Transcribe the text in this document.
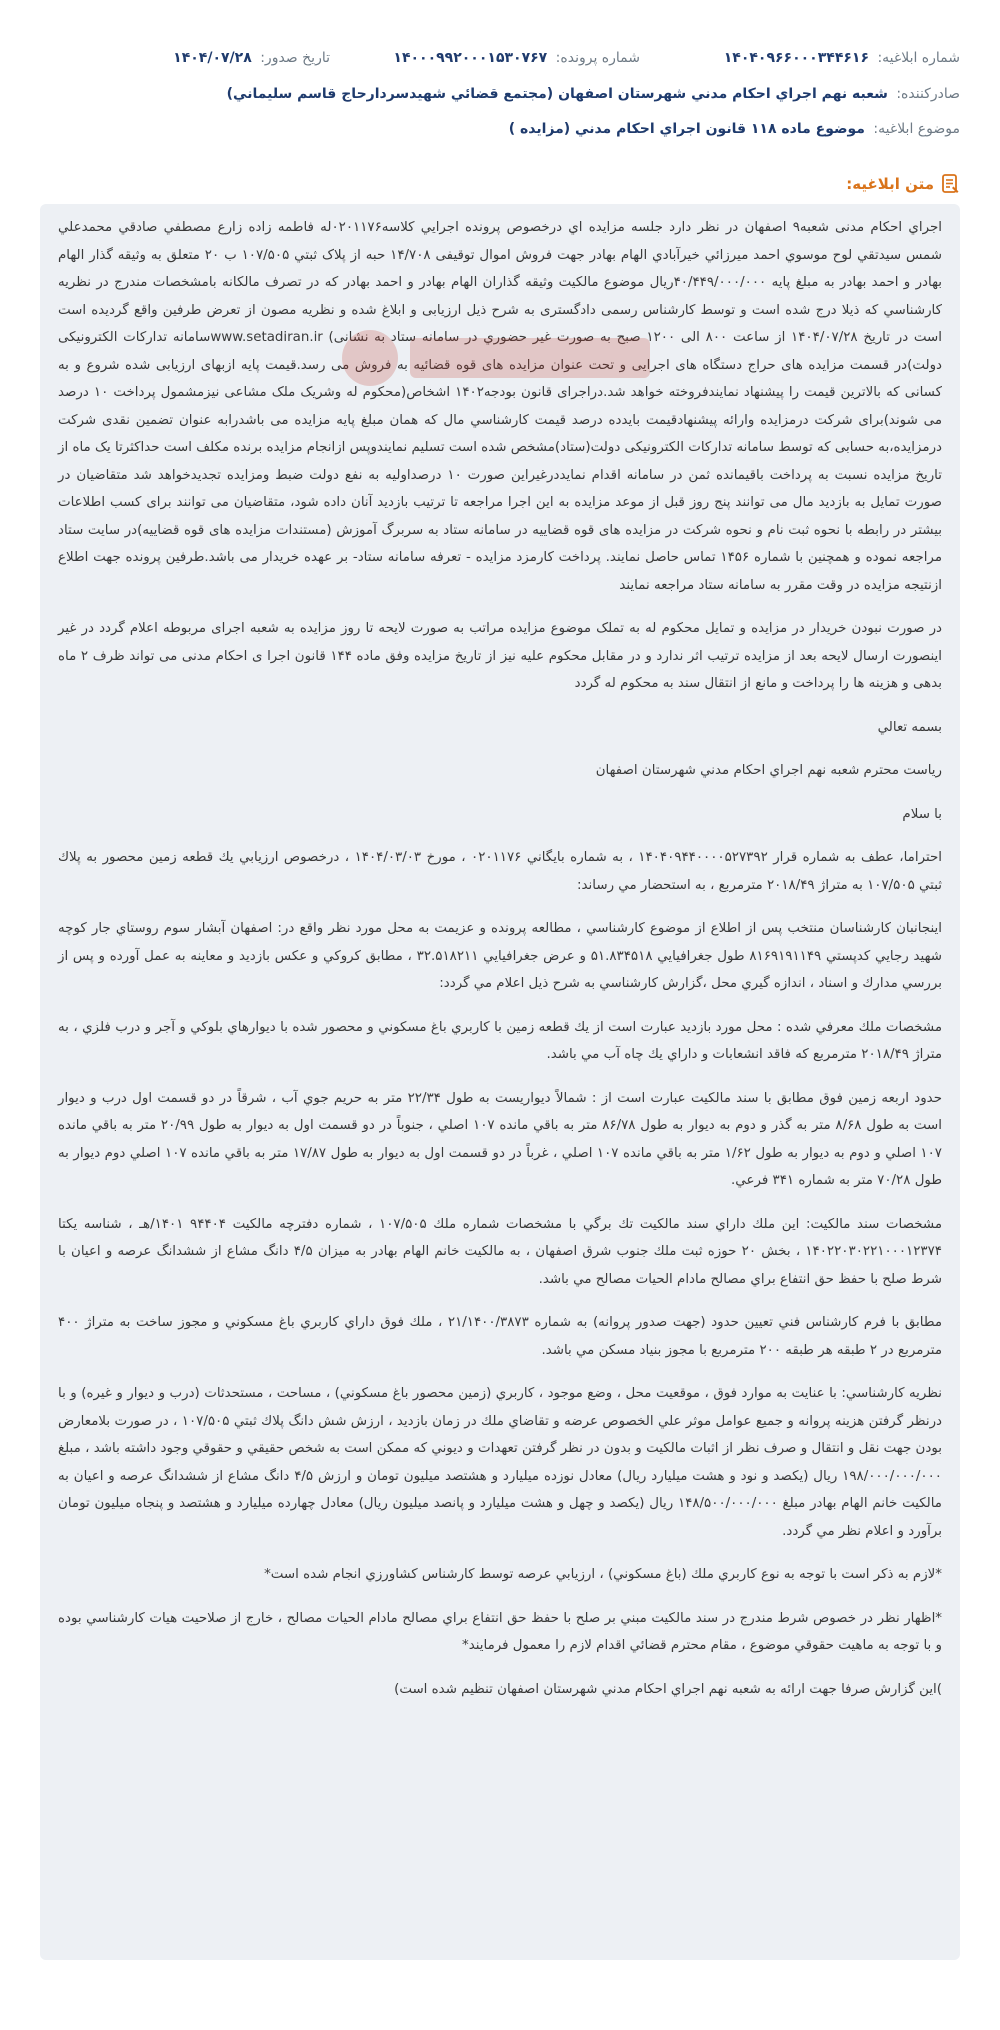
شماره ابلاغیه: ۱۴۰۴۰۹۶۶۰۰۰۳۴۴۶۱۶
شماره پرونده: ۱۴۰۰۰۹۹۲۰۰۰۱۵۳۰۷۶۷
تاریخ صدور: ۱۴۰۴/۰۷/۲۸
صادرکننده: شعبه نهم اجراي احكام مدني شهرستان اصفهان (مجتمع قضائي شهيدسردارحاج قاسم سليماني)
موضوع ابلاغیه: موضوع ماده ۱۱۸ قانون اجراي احكام مدني (مزايده )
متن ابلاغیه:

اجراي احكام مدنی شعبه۹ اصفهان در نظر دارد جلسه مزايده اي درخصوص پرونده اجرايي كلاسه۰۲۰۱۱۷۶له فاطمه زاده زارع مصطفي صادقي محمدعلي شمس سيدتقي لوح موسوي احمد ميرزائي خيرآبادي الهام بهادر جهت فروش اموال توقيفی ۱۴/۷۰۸ حبه از پلاک ثبتي ۱۰۷/۵۰۵ ب ۲۰ متعلق به وثيقه گذار الهام بهادر و احمد بهادر به مبلغ پايه ۴۰/۴۴۹/۰۰۰/۰۰۰ريال موضوع مالكيت وثيقه گذاران الهام بهادر و احمد بهادر كه در تصرف مالكانه بامشخصات مندرج در نظريه كارشناسي كه ذيلا درج شده است و توسط كارشناس رسمی دادگستری به شرح ذيل ارزيابی و ابلاغ شده و نظريه مصون از تعرض طرفين واقع گرديده است است در تاريخ ۱۴۰۴/۰۷/۲۸ از ساعت ۸۰۰ الی ۱۲۰۰ صبح به صورت غير حضوري در سامانه ستاد به نشانی) www.setadiran.irسامانه تدارکات الکترونیکی دولت)در قسمت مزايده های حراج دستگاه های اجرایی و تحت عنوان مزایده های قوه قضائیه به فروش می رسد.قيمت پايه ازبهای ارزيابی شده شروع و به كسانی كه بالاترين قيمت را پيشنهاد نمايندفروخته خواهد شد.دراجرای قانون بودجه۱۴۰۲ اشخاص(محكوم له وشريک ملک مشاعی نيزمشمول پرداخت ۱۰ درصد می شوند)برای شرکت درمزايده وارائه پيشنهادقيمت بايدده درصد قيمت كارشناسي مال که همان مبلغ پایه مزایده می باشدرابه عنوان تضمين نقدی شرکت درمزايده،به حسابی که توسط سامانه تدارکات الکترونيکی دولت(ستاد)مشخص شده است تسليم نمايندوپس ازانجام مزايده برنده مكلف است حداكثرتا یک ماه از تاریخ مزایده نسبت به پرداخت باقيمانده ثمن در سامانه اقدام نمايددرغيراين صورت ۱۰ درصداوليه به نفع دولت ضبط ومزايده تجديدخواهد شد متقاضيان در صورت تمايل به بازديد مال می توانند پنج روز قبل از موعد مزايده به اين اجرا مراجعه تا ترتيب بازديد آنان داده شود، متقاضیان می توانند برای کسب اطلاعات بيشتر در رابطه با نحوه ثبت نام و نحوه شرکت در مزایده های قوه قضاییه در سامانه ستاد به سربرگ آموزش (مستندات مزايده های قوه قضاييه)در سايت ستاد مراجعه نموده و همچنين با شماره ۱۴۵۶ تماس حاصل نمايند. پرداخت كارمزد مزايده - تعرفه سامانه ستاد- بر عهده خريدار می باشد.طرفین پرونده جهت اطلاع ازنتیجه مزایده در وقت مقرر به سامانه ستاد مراجعه نمایند

در صورت نبودن خریدار در مزایده و تمایل محکوم له به تملک موضوع مزایده مراتب به صورت لایحه تا روز مزایده به شعبه اجرای مربوطه اعلام گردد در غیر اینصورت ارسال لایحه بعد از مزایده ترتیب اثر ندارد و در مقابل محکوم علیه نیز از تاریخ مزایده وفق ماده ۱۴۴ قانون اجرا ی احکام مدنی می تواند ظرف ۲ ماه بدهی و هزینه ها را پرداخت و مانع از انتقال سند به محکوم له گردد

بسمه تعالي

رياست محترم شعبه نهم اجراي احكام مدني شهرستان اصفهان

با سلام

احتراما، عطف به شماره قرار ۱۴۰۴۰۹۴۴۰۰۰۰۵۲۷۳۹۲ ، به شماره بايگاني ۰۲۰۱۱۷۶ ، مورخ ۱۴۰۴/۰۳/۰۳ ، درخصوص ارزيابي يك قطعه زمين محصور به پلاك ثبتي ۱۰۷/۵۰۵ به متراژ ۲۰۱۸/۴۹ مترمربع ، به استحضار مي رساند:

اينجانبان كارشناسان منتخب پس از اطلاع از موضوع كارشناسي ، مطالعه پرونده و عزيمت به محل مورد نظر واقع در: اصفهان آبشار سوم روستاي جار كوچه شهيد رجايي كدپستي ۸۱۶۹۱۹۱۱۴۹ طول جغرافيايي ۵۱.۸۳۴۵۱۸ و عرض جغرافيايي ۳۲.۵۱۸۲۱۱ ، مطابق كروكي و عكس بازديد و معاينه به عمل آورده و پس از بررسي مدارك و اسناد ، اندازه گيري محل ،گزارش كارشناسي به شرح ذيل اعلام مي گردد:

مشخصات ملك معرفي شده : محل مورد بازديد عبارت است از يك قطعه زمين با كاربري باغ مسكوني و محصور شده با ديوارهاي بلوكي و آجر و درب فلزي ، به متراژ ۲۰۱۸/۴۹ مترمربع كه فاقد انشعابات و داراي يك چاه آب مي باشد.

حدود اربعه زمين فوق مطابق با سند مالكيت عبارت است از : شمالاً ديواريست به طول ۲۲/۳۴ متر به حريم جوي آب ، شرقاً در دو قسمت اول درب و ديوار است به طول ۸/۶۸ متر به گذر و دوم به ديوار به طول ۸۶/۷۸ متر به باقي مانده ۱۰۷ اصلي ، جنوباً در دو قسمت اول به ديوار به طول ۲۰/۹۹ متر به باقي مانده ۱۰۷ اصلي و دوم به ديوار به طول ۱/۶۲ متر به باقي مانده ۱۰۷ اصلي ، غرباً در دو قسمت اول به ديوار به طول ۱۷/۸۷ متر به باقي مانده ۱۰۷ اصلي دوم ديوار به طول ۷۰/۲۸ متر به شماره ۳۴۱ فرعي.

مشخصات سند مالكيت: اين ملك داراي سند مالكيت تك برگي با مشخصات شماره ملك ۱۰۷/۵۰۵ ، شماره دفترچه مالكيت ۹۴۴۰۴ ۱۴۰۱/هـ ، شناسه يكتا ۱۴۰۲۲۰۳۰۲۲۱۰۰۰۱۲۳۷۴ ، بخش ۲۰ حوزه ثبت ملك جنوب شرق اصفهان ، به مالكيت خانم الهام بهادر به ميزان ۴/۵ دانگ مشاع از ششدانگ عرصه و اعيان با شرط صلح با حفظ حق انتفاع براي مصالح مادام الحيات مصالح مي باشد.

مطابق با فرم كارشناس فني تعيين حدود (جهت صدور پروانه) به شماره ۲۱/۱۴۰۰/۳۸۷۳ ، ملك فوق داراي كاربري باغ مسكوني و مجوز ساخت به متراژ ۴۰۰ مترمربع در ۲ طبقه هر طبقه ۲۰۰ مترمربع با مجوز بنياد مسكن مي باشد.

نظريه كارشناسي: با عنايت به موارد فوق ، موقعيت محل ، وضع موجود ، كاربري (زمين محصور باغ مسكوني) ، مساحت ، مستحدثات (درب و ديوار و غيره) و با درنظر گرفتن هزينه پروانه و جميع عوامل موثر علي الخصوص عرضه و تقاضاي ملك در زمان بازديد ، ارزش شش دانگ پلاك ثبتي ۱۰۷/۵۰۵ ، در صورت بلامعارض بودن جهت نقل و انتقال و صرف نظر از اثبات مالكيت و بدون در نظر گرفتن تعهدات و ديوني كه ممكن است به شخص حقيقي و حقوقي وجود داشته باشد ، مبلغ ۱۹۸/۰۰۰/۰۰۰/۰۰۰ ريال (يكصد و نود و هشت ميليارد ريال) معادل نوزده ميليارد و هشتصد ميليون تومان و ارزش ۴/۵ دانگ مشاع از ششدانگ عرصه و اعيان به مالكيت خانم الهام بهادر مبلغ ۱۴۸/۵۰۰/۰۰۰/۰۰۰ ريال (يكصد و چهل و هشت ميليارد و پانصد ميليون ريال) معادل چهارده ميليارد و هشتصد و پنجاه ميليون تومان برآورد و اعلام نظر مي گردد.

*لازم به ذكر است با توجه به نوع كاربري ملك (باغ مسكوني) ، ارزيابي عرصه توسط كارشناس كشاورزي انجام شده است*

*اظهار نظر در خصوص شرط مندرج در سند مالكيت مبني بر صلح با حفظ حق انتفاع براي مصالح مادام الحيات مصالح ، خارج از صلاحيت هيات كارشناسي بوده و با توجه به ماهيت حقوقي موضوع ، مقام محترم قضائي اقدام لازم را معمول فرمايند*

)اين گزارش صرفا جهت ارائه به شعبه نهم اجراي احكام مدني شهرستان اصفهان تنظيم شده است)
